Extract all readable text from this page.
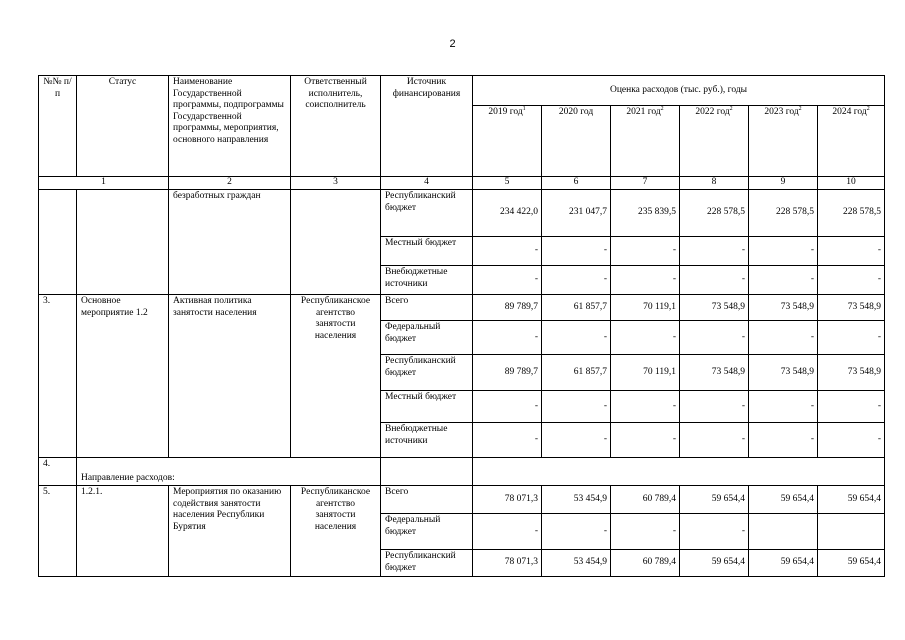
2
№№ п/п	Статус	Наименование Государственной программы, подпрограммы Государственной программы, мероприятия, основного направления	Ответственный исполнитель, соисполнитель	Источник финансирования	Оценка расходов (тыс. руб.), годы					
					2019 год$^1$	2020 год	2021 год$^2$	2022 год$^2$	2023 год$^2$	2024 год$^2$
1		2	3	4	5	6	7	8	9	10
		безработных граждан		Республиканский бюджет	234 422,0	231 047,7	235 839,5	228 578,5	228 578,5	228 578,5
				Местный бюджет	-	-	-	-	-	-
				Внебюджетные источники	-	-	-	-	-	-
3.	Основное мероприятие 1.2	Активная политика занятости населения	Республиканское агентство занятости населения	Всего	89 789,7	61 857,7	70 119,1	73 548,9	73 548,9	73 548,9
				Федеральный бюджет	-	-	-	-	-	-
				Республиканский бюджет	89 789,7	61 857,7	70 119,1	73 548,9	73 548,9	73 548,9
				Местный бюджет	-	-	-	-	-	-
				Внебюджетные источники	-	-	-	-	-	-
4.	Направление расходов:									
5.	1.2.1.	Мероприятия по оказанию содействия занятости населения Республики Бурятия	Республиканское агентство занятости населения	Всего	78 071,3	53 454,9	60 789,4	59 654,4	59 654,4	59 654,4
				Федеральный бюджет	-	-	-	-		
				Республиканский бюджет	78 071,3	53 454,9	60 789,4	59 654,4	59 654,4	59 654,4
